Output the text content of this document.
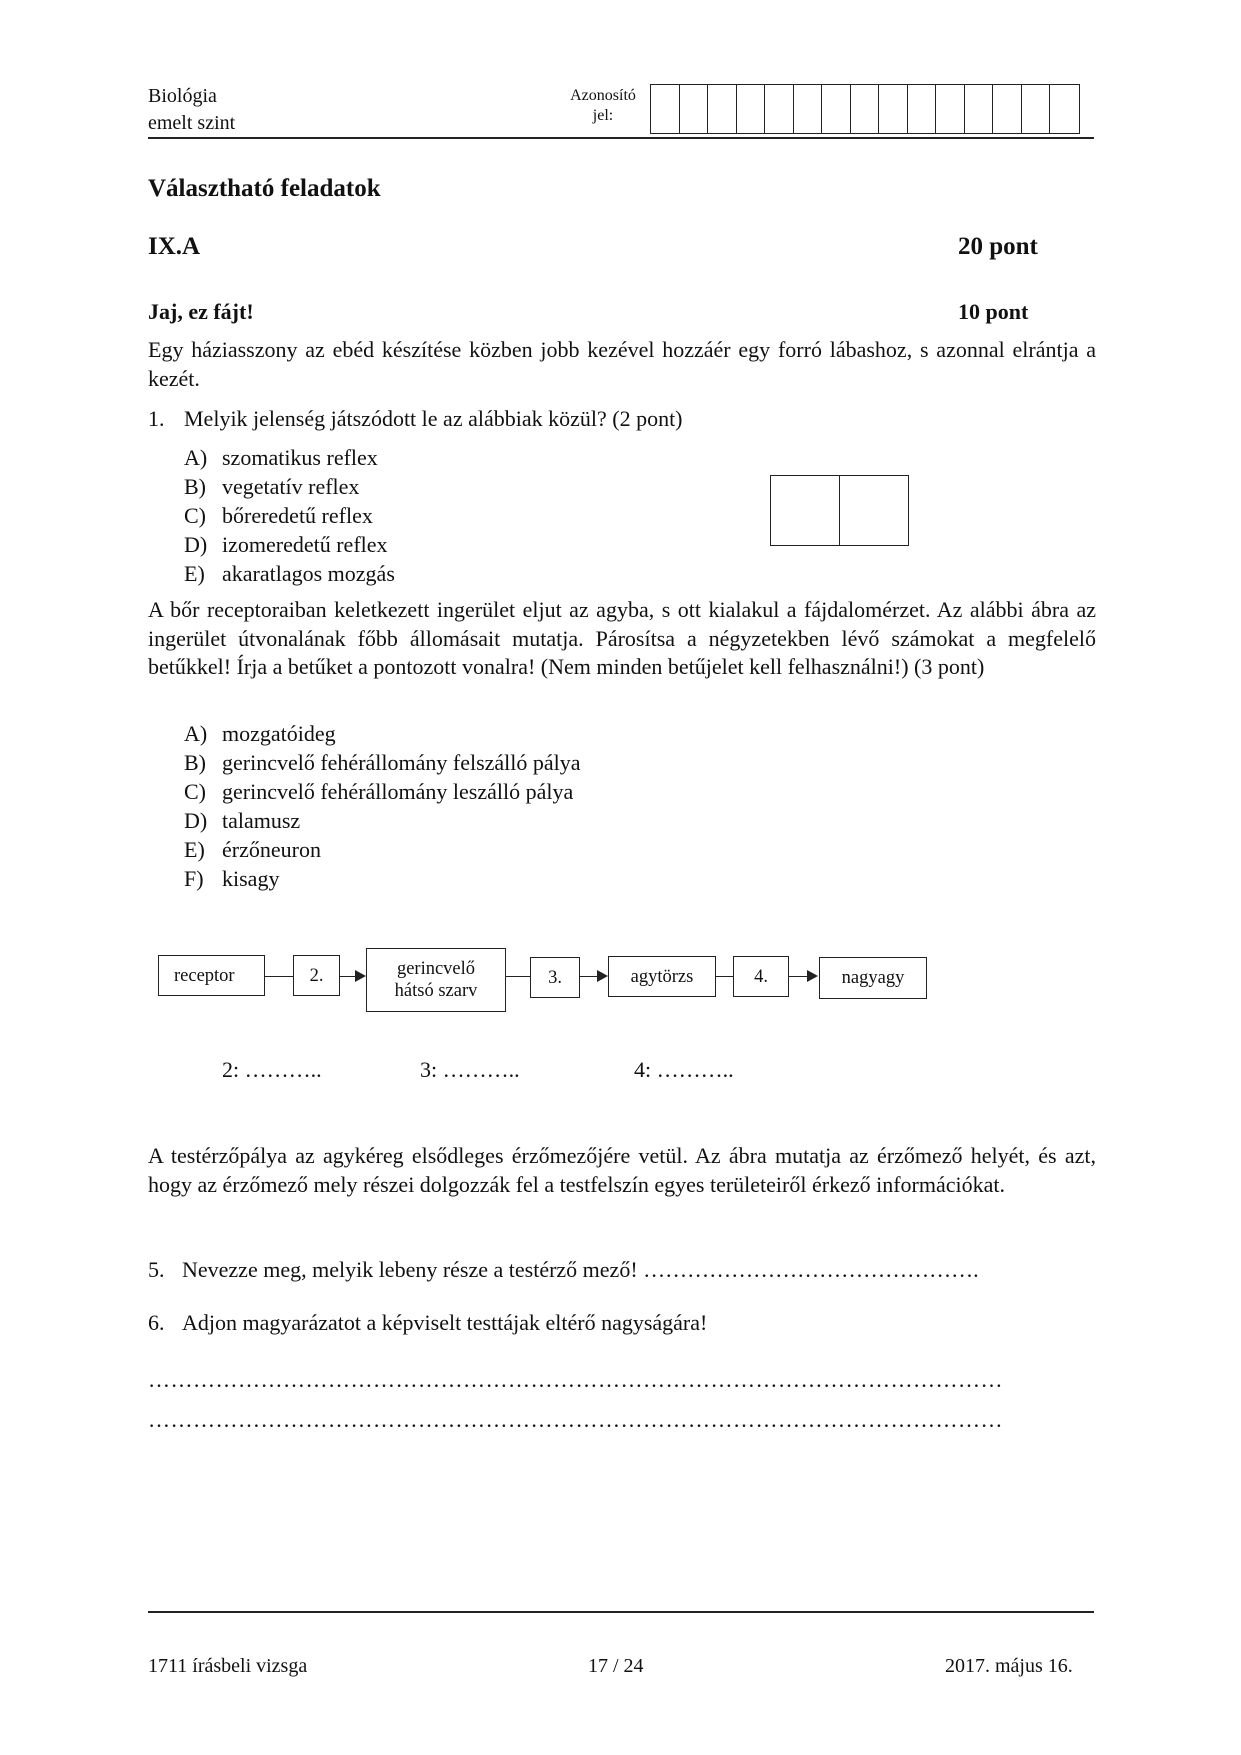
Biológia
emelt szint
Azonosító
jel:
Választható feladatok
IX.A	20 pont
Jaj, ez fájt!	10 pont
Egy háziasszony az ebéd készítése közben jobb kezével hozzáér egy forró lábashoz, s azonnal elrántja a kezét.
1. Melyik jelenség játszódott le az alábbiak közül? (2 pont)
A) szomatikus reflex
B) vegetatív reflex
C) bőreredetű reflex
D) izomeredetű reflex
E) akaratlagos mozgás
A bőr receptoraiban keletkezett ingerület eljut az agyba, s ott kialakul a fájdalomérzet. Az alábbi ábra az ingerület útvonalának főbb állomásait mutatja. Párosítsa a négyzetekben lévő számokat a megfelelő betűkkel! Írja a betűket a pontozott vonalra! (Nem minden betűjelet kell felhasználni!) (3 pont)
A) mozgatóideg
B) gerincvelő fehérállomány felszálló pálya
C) gerincvelő fehérállomány leszálló pálya
D) talamusz
E) érzőneuron
F) kisagy
receptor	2.	gerincvelő
hátsó szarv
3.	agytörzs	4.	nagyagy
2: ………..	3: ………..	4: ………..
A testérzőpálya az agykéreg elsődleges érzőmezőjére vetül. Az ábra mutatja az érzőmező helyét, és azt, hogy az érzőmező mely részei dolgozzák fel a testfelszín egyes területeiről érkező információkat.
5. Nevezze meg, melyik lebeny része a testérző mező! ……………………………………….
6. Adjon magyarázatot a képviselt testtájak eltérő nagyságára!
……………………………………………………………………………………………………
……………………………………………………………………………………………………
1711 írásbeli vizsga	17 / 24	2017. május 16.
